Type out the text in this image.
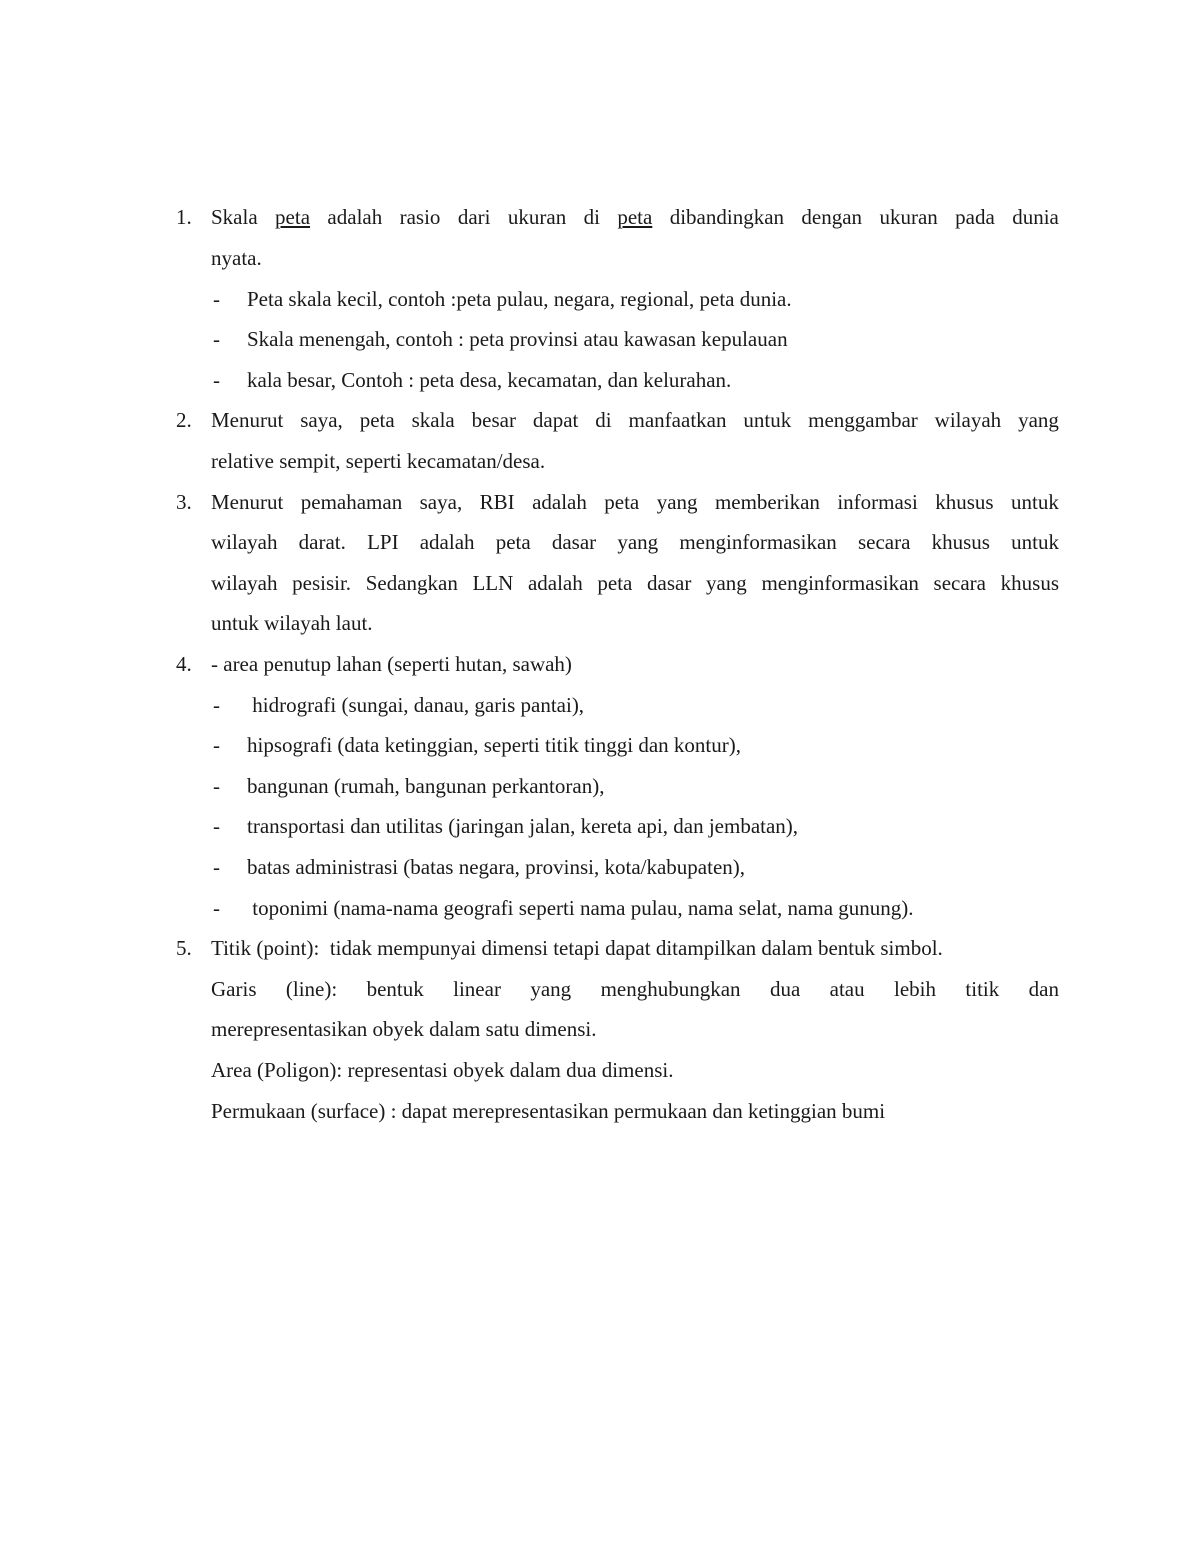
1. Skala peta adalah rasio dari ukuran di peta dibandingkan dengan ukuran pada dunia
nyata.
- Peta skala kecil, contoh :peta pulau, negara, regional, peta dunia.
- Skala menengah, contoh : peta provinsi atau kawasan kepulauan
- kala besar, Contoh : peta desa, kecamatan, dan kelurahan.
2. Menurut saya, peta skala besar dapat di manfaatkan untuk menggambar wilayah yang
relative sempit, seperti kecamatan/desa.
3. Menurut pemahaman saya, RBI adalah peta yang memberikan informasi khusus untuk
wilayah darat. LPI adalah peta dasar yang menginformasikan secara khusus untuk
wilayah pesisir. Sedangkan LLN adalah peta dasar yang menginformasikan secara khusus
untuk wilayah laut.
4. - area penutup lahan (seperti hutan, sawah)
- hidrografi (sungai, danau, garis pantai),
- hipsografi (data ketinggian, seperti titik tinggi dan kontur),
- bangunan (rumah, bangunan perkantoran),
- transportasi dan utilitas (jaringan jalan, kereta api, dan jembatan),
- batas administrasi (batas negara, provinsi, kota/kabupaten),
- toponimi (nama-nama geografi seperti nama pulau, nama selat, nama gunung).
5. Titik (point):  tidak mempunyai dimensi tetapi dapat ditampilkan dalam bentuk simbol.
Garis (line): bentuk linear yang menghubungkan dua atau lebih titik dan
merepresentasikan obyek dalam satu dimensi.
Area (Poligon): representasi obyek dalam dua dimensi.
Permukaan (surface) : dapat merepresentasikan permukaan dan ketinggian bumi
